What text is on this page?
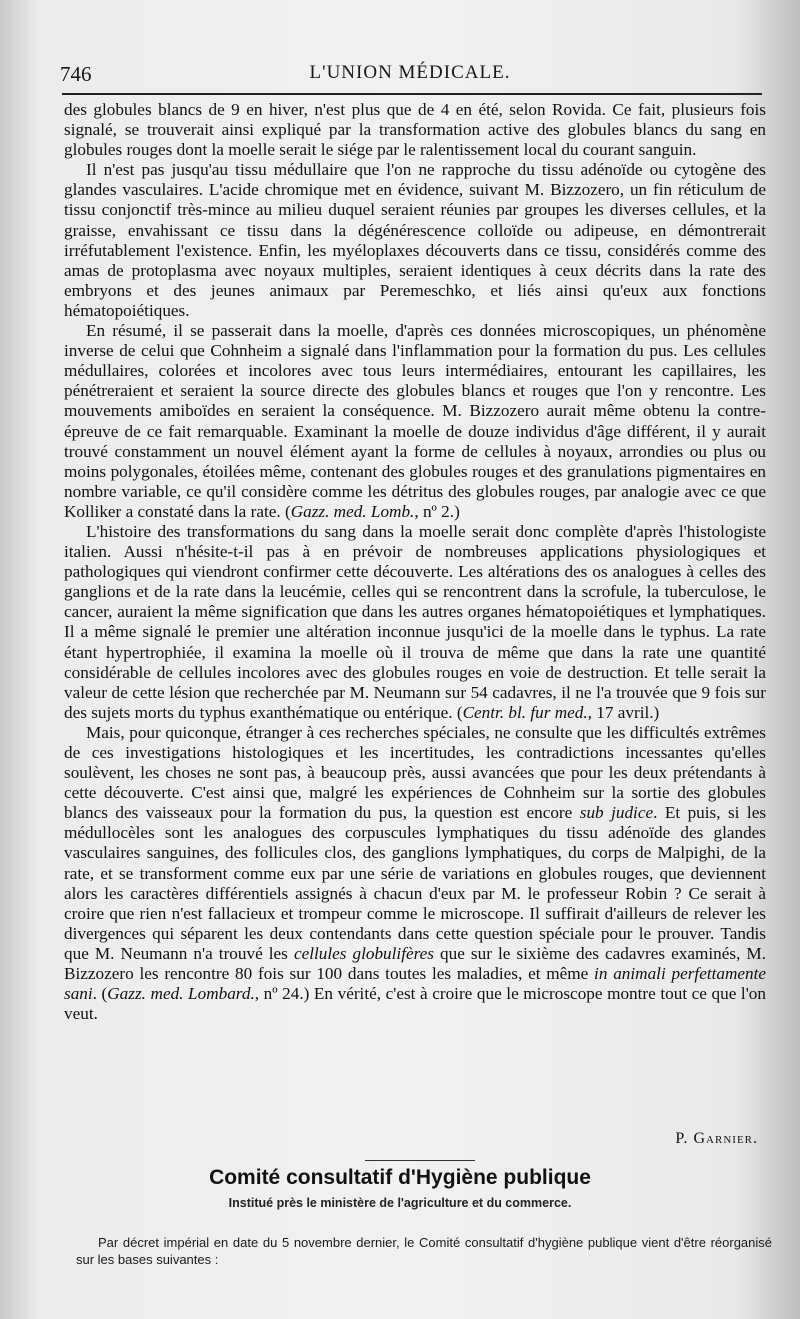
746	L'UNION MÉDICALE.

des globules blancs de 9 en hiver, n'est plus que de 4 en été, selon Rovida. Ce fait, plusieurs fois signalé, se trouverait ainsi expliqué par la transformation active des globules blancs du sang en globules rouges dont la moelle serait le siége par le ralentissement local du courant sanguin.

Il n'est pas jusqu'au tissu médullaire que l'on ne rapproche du tissu adénoïde ou cytogène des glandes vasculaires. L'acide chromique met en évidence, suivant M. Bizzozero, un fin réticulum de tissu conjonctif très-mince au milieu duquel seraient réunies par groupes les diverses cellules, et la graisse, envahissant ce tissu dans la dégénérescence colloïde ou adipeuse, en démontrerait irréfutablement l'existence. Enfin, les myéloplaxes découverts dans ce tissu, considérés comme des amas de protoplasma avec noyaux multiples, seraient identiques à ceux décrits dans la rate des embryons et des jeunes animaux par Peremeschko, et liés ainsi qu'eux aux fonctions hématopoiétiques.

En résumé, il se passerait dans la moelle, d'après ces données microscopiques, un phénomène inverse de celui que Cohnheim a signalé dans l'inflammation pour la formation du pus. Les cellules médullaires, colorées et incolores avec tous leurs intermédiaires, entourant les capillaires, les pénétreraient et seraient la source directe des globules blancs et rouges que l'on y rencontre. Les mouvements amiboïdes en seraient la conséquence. M. Bizzozero aurait même obtenu la contre-épreuve de ce fait remarquable. Examinant la moelle de douze individus d'âge différent, il y aurait trouvé constamment un nouvel élément ayant la forme de cellules à noyaux, arrondies ou plus ou moins polygonales, étoilées même, contenant des globules rouges et des granulations pigmentaires en nombre variable, ce qu'il considère comme les détritus des globules rouges, par analogie avec ce que Kolliker a constaté dans la rate. (Gazz. med. Lomb., nº 2.)

L'histoire des transformations du sang dans la moelle serait donc complète d'après l'histologiste italien. Aussi n'hésite-t-il pas à en prévoir de nombreuses applications physiologiques et pathologiques qui viendront confirmer cette découverte. Les altérations des os analogues à celles des ganglions et de la rate dans la leucémie, celles qui se rencontrent dans la scrofule, la tuberculose, le cancer, auraient la même signification que dans les autres organes hématopoiétiques et lymphatiques. Il a même signalé le premier une altération inconnue jusqu'ici de la moelle dans le typhus. La rate étant hypertrophiée, il examina la moelle où il trouva de même que dans la rate une quantité considérable de cellules incolores avec des globules rouges en voie de destruction. Et telle serait la valeur de cette lésion que recherchée par M. Neumann sur 54 cadavres, il ne l'a trouvée que 9 fois sur des sujets morts du typhus exanthématique ou entérique. (Centr. bl. fur med., 17 avril.)

Mais, pour quiconque, étranger à ces recherches spéciales, ne consulte que les difficultés extrêmes de ces investigations histologiques et les incertitudes, les contradictions incessantes qu'elles soulèvent, les choses ne sont pas, à beaucoup près, aussi avancées que pour les deux prétendants à cette découverte. C'est ainsi que, malgré les expériences de Cohnheim sur la sortie des globules blancs des vaisseaux pour la formation du pus, la question est encore sub judice. Et puis, si les médullocèles sont les analogues des corpuscules lymphatiques du tissu adénoïde des glandes vasculaires sanguines, des follicules clos, des ganglions lymphatiques, du corps de Malpighi, de la rate, et se transforment comme eux par une série de variations en globules rouges, que deviennent alors les caractères différentiels assignés à chacun d'eux par M. le professeur Robin ? Ce serait à croire que rien n'est fallacieux et trompeur comme le microscope. Il suffirait d'ailleurs de relever les divergences qui séparent les deux contendants dans cette question spéciale pour le prouver. Tandis que M. Neumann n'a trouvé les cellules globulifères que sur le sixième des cadavres examinés, M. Bizzozero les rencontre 80 fois sur 100 dans toutes les maladies, et même in animali perfettamente sani. (Gazz. med. Lombard., nº 24.) En vérité, c'est à croire que le microscope montre tout ce que l'on veut.

P. Garnier.
Comité consultatif d'Hygiène publique
Institué près le ministère de l'agriculture et du commerce.
Par décret impérial en date du 5 novembre dernier, le Comité consultatif d'hygiène publique vient d'être réorganisé sur les bases suivantes :
